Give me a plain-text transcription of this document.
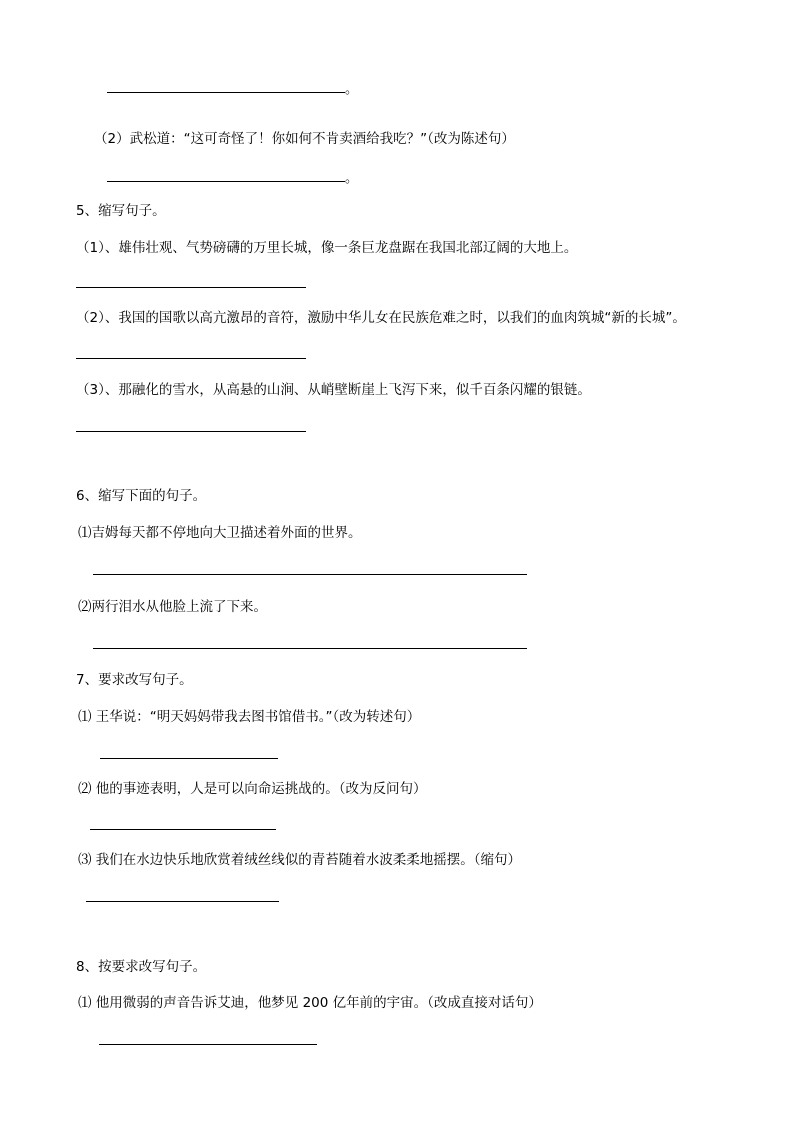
。
（2）武松道：“这可奇怪了！你如何不肯卖酒给我吃？”（改为陈述句）
。
5、缩写句子。
（1）、雄伟壮观、气势磅礴的万里长城，像一条巨龙盘踞在我国北部辽阔的大地上。
（2）、我国的国歌以高亢激昂的音符，激励中华儿女在民族危难之时，以我们的血肉筑城“新的长城”。
（3）、那融化的雪水，从高悬的山涧、从峭壁断崖上飞泻下来，似千百条闪耀的银链。
6、缩写下面的句子。
⑴吉姆每天都不停地向大卫描述着外面的世界。
⑵两行泪水从他脸上流了下来。
7、要求改写句子。
⑴ 王华说：“明天妈妈带我去图书馆借书。”（改为转述句）
⑵ 他的事迹表明，人是可以向命运挑战的。（改为反问句）
⑶ 我们在水边快乐地欣赏着绒丝线似的青苔随着水波柔柔地摇摆。（缩句）
8、按要求改写句子。
⑴ 他用微弱的声音告诉艾迪，他梦见 200 亿年前的宇宙。（改成直接对话句）
